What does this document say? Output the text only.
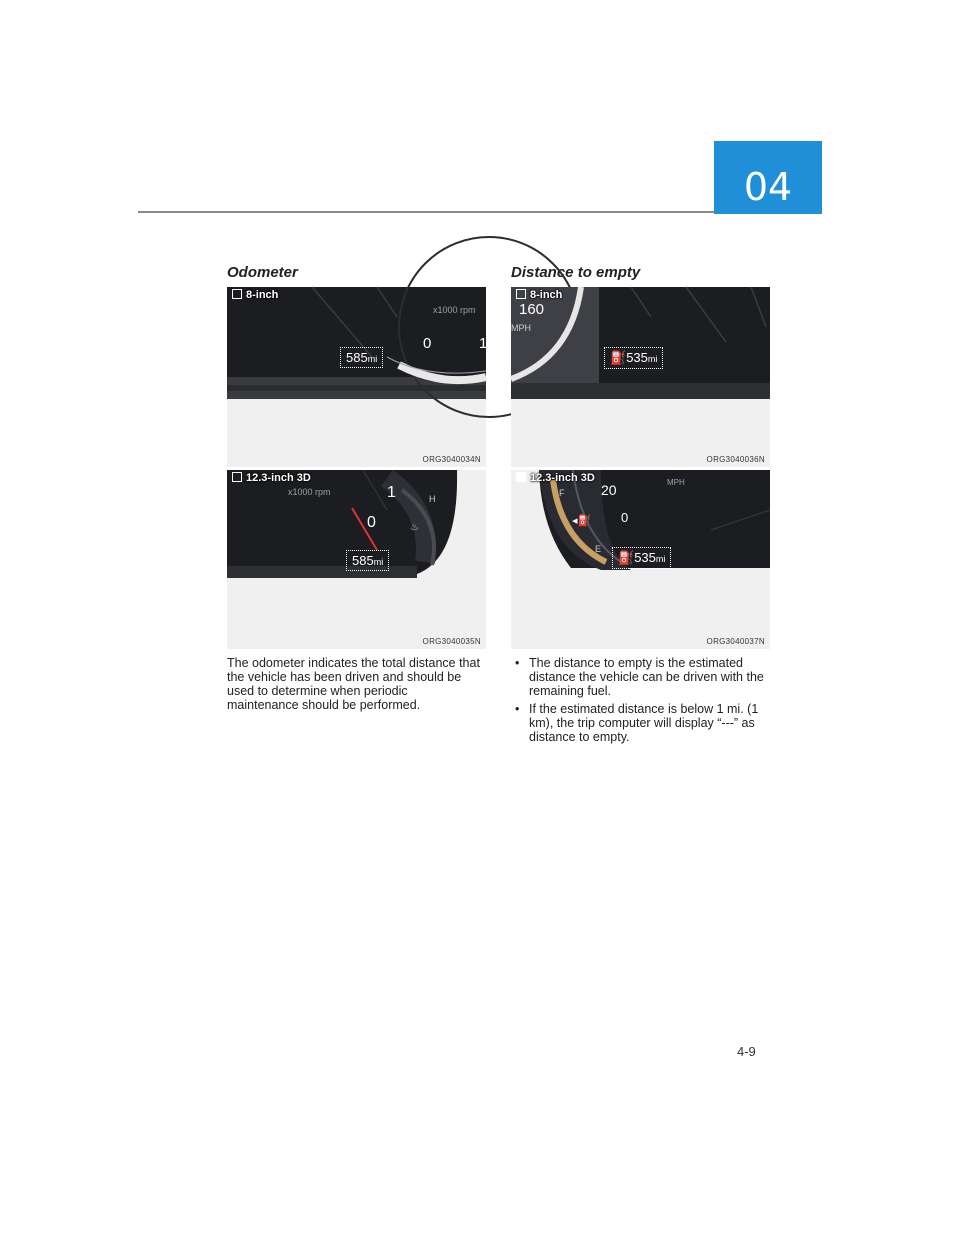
04
Odometer	Distance to empty
8-inch
x1000 rpm
0	1
585mi
ORG3040034N
12.3-inch 3D
x1000 rpm	1
0
H
♨
585mi
ORG3040035N
8-inch
160
MPH
⛽535mi
ORG3040036N
12.3-inch 3D	MPH
F	20
0
◂⛽
E
⛽535mi
ORG3040037N
The odometer indicates the total distance that the vehicle has been driven and should be used to determine when periodic maintenance should be performed.
• The distance to empty is the estimated distance the vehicle can be driven with the remaining fuel.
• If the estimated distance is below 1 mi. (1 km), the trip computer will display “---” as distance to empty.
4-9
